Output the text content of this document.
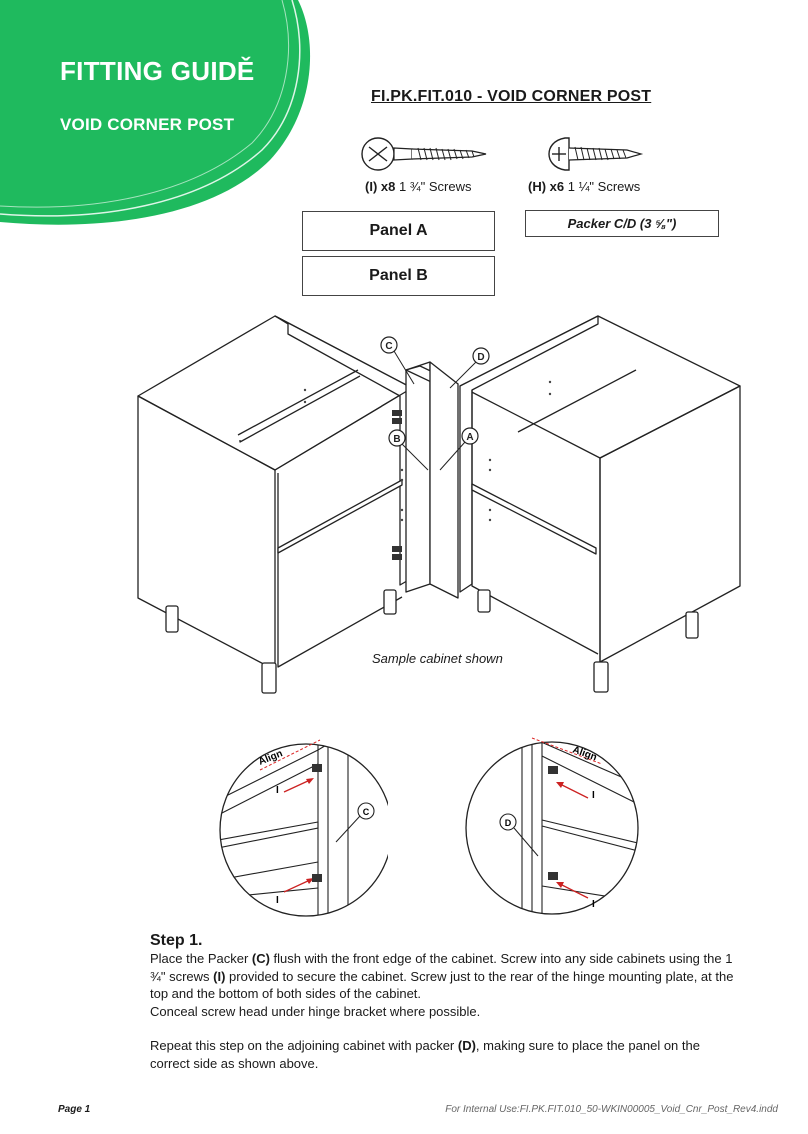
FITTING GUIDĚ
VOID CORNER POST
FI.PK.FIT.010 - VOID CORNER POST
(I) x8 1 ¾" Screws	(H) x6 1 ¼" Screws
Panel A
Panel B
Packer C/D (3 ⅝")
C
D
B	A
Sample cabinet shown
Align
I
I
C
Align
I
I
D
Step 1.

Place the Packer (C) flush with the front edge of the cabinet. Screw into any side cabinets using the 1 ¾" screws (I) provided to secure the cabinet. Screw just to the rear of the hinge mounting plate, at the top and the bottom of both sides of the cabinet.

Conceal screw head under hinge bracket where possible.

Repeat this step on the adjoining cabinet with packer (D), making sure to place the panel on the correct side as shown above.

Page 1	For Internal Use:FI.PK.FIT.010_50-WKIN00005_Void_Cnr_Post_Rev4.indd
